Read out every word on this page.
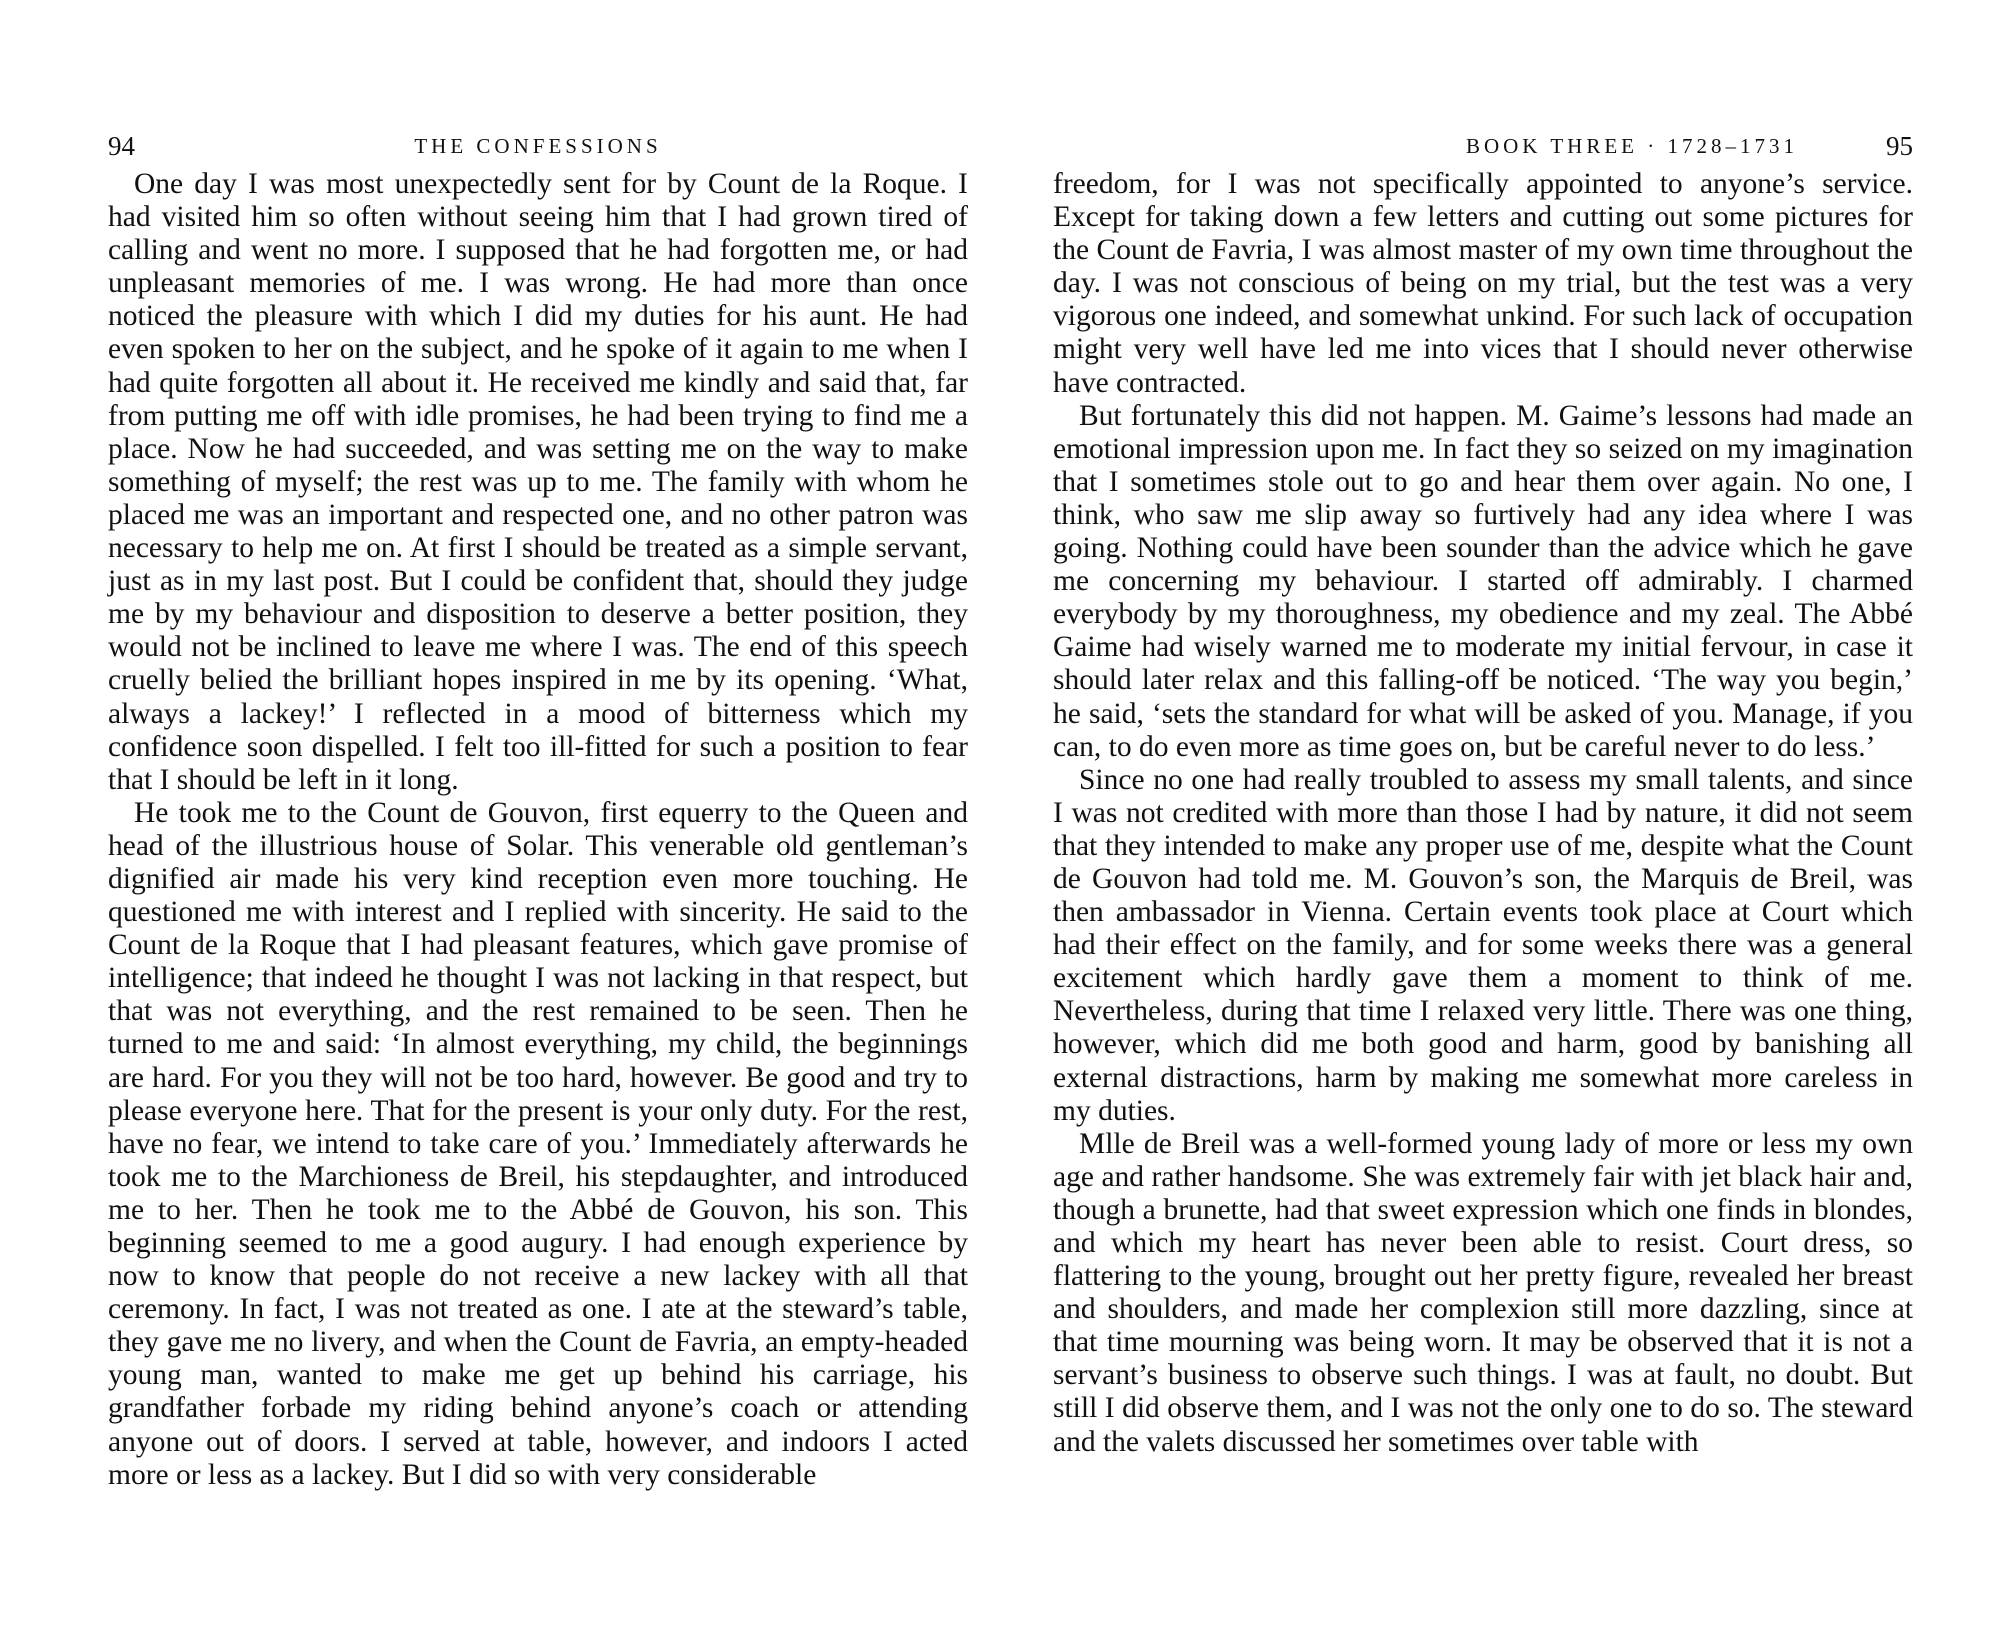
94	THE CONFESSIONS

One day I was most unexpectedly sent for by Count de la Roque. I had visited him so often without seeing him that I had grown tired of calling and went no more. I supposed that he had forgotten me, or had unpleasant memories of me. I was wrong. He had more than once noticed the pleasure with which I did my duties for his aunt. He had even spoken to her on the subject, and he spoke of it again to me when I had quite forgotten all about it. He received me kindly and said that, far from putting me off with idle promises, he had been trying to find me a place. Now he had succeeded, and was setting me on the way to make something of myself; the rest was up to me. The family with whom he placed me was an important and respected one, and no other patron was necessary to help me on. At first I should be treated as a simple servant, just as in my last post. But I could be confident that, should they judge me by my behaviour and disposition to deserve a better position, they would not be inclined to leave me where I was. The end of this speech cruelly belied the brilliant hopes inspired in me by its opening. ‘What, always a lackey!’ I reflected in a mood of bitterness which my confidence soon dispelled. I felt too ill-fitted for such a position to fear that I should be left in it long.

He took me to the Count de Gouvon, first equerry to the Queen and head of the illustrious house of Solar. This venerable old gentleman’s dignified air made his very kind reception even more touching. He questioned me with interest and I replied with sincerity. He said to the Count de la Roque that I had pleasant features, which gave promise of intelligence; that indeed he thought I was not lacking in that respect, but that was not everything, and the rest remained to be seen. Then he turned to me and said: ‘In almost everything, my child, the beginnings are hard. For you they will not be too hard, however. Be good and try to please everyone here. That for the present is your only duty. For the rest, have no fear, we intend to take care of you.’ Immediately afterwards he took me to the Marchioness de Breil, his stepdaughter, and introduced me to her. Then he took me to the Abbé de Gouvon, his son. This beginning seemed to me a good augury. I had enough experience by now to know that people do not receive a new lackey with all that ceremony. In fact, I was not treated as one. I ate at the steward’s table, they gave me no livery, and when the Count de Favria, an empty-headed young man, wanted to make me get up behind his carriage, his grandfather forbade my riding behind anyone’s coach or attending anyone out of doors. I served at table, however, and indoors I acted more or less as a lackey. But I did so with very considerable

BOOK THREE · 1728–1731	95

freedom, for I was not specifically appointed to anyone’s service. Except for taking down a few letters and cutting out some pictures for the Count de Favria, I was almost master of my own time throughout the day. I was not conscious of being on my trial, but the test was a very vigorous one indeed, and somewhat unkind. For such lack of occupation might very well have led me into vices that I should never otherwise have contracted.

But fortunately this did not happen. M. Gaime’s lessons had made an emotional impression upon me. In fact they so seized on my imagination that I sometimes stole out to go and hear them over again. No one, I think, who saw me slip away so furtively had any idea where I was going. Nothing could have been sounder than the advice which he gave me concerning my behaviour. I started off admirably. I charmed everybody by my thoroughness, my obedience and my zeal. The Abbé Gaime had wisely warned me to moderate my initial fervour, in case it should later relax and this falling-off be noticed. ‘The way you begin,’ he said, ‘sets the standard for what will be asked of you. Manage, if you can, to do even more as time goes on, but be careful never to do less.’

Since no one had really troubled to assess my small talents, and since I was not credited with more than those I had by nature, it did not seem that they intended to make any proper use of me, despite what the Count de Gouvon had told me. M. Gouvon’s son, the Marquis de Breil, was then ambassador in Vienna. Certain events took place at Court which had their effect on the family, and for some weeks there was a general excitement which hardly gave them a moment to think of me. Nevertheless, during that time I relaxed very little. There was one thing, however, which did me both good and harm, good by banishing all external distractions, harm by making me somewhat more careless in my duties.

Mlle de Breil was a well-formed young lady of more or less my own age and rather handsome. She was extremely fair with jet black hair and, though a brunette, had that sweet expression which one finds in blondes, and which my heart has never been able to resist. Court dress, so flattering to the young, brought out her pretty figure, revealed her breast and shoulders, and made her complexion still more dazzling, since at that time mourning was being worn. It may be observed that it is not a servant’s business to observe such things. I was at fault, no doubt. But still I did observe them, and I was not the only one to do so. The steward and the valets discussed her sometimes over table with
